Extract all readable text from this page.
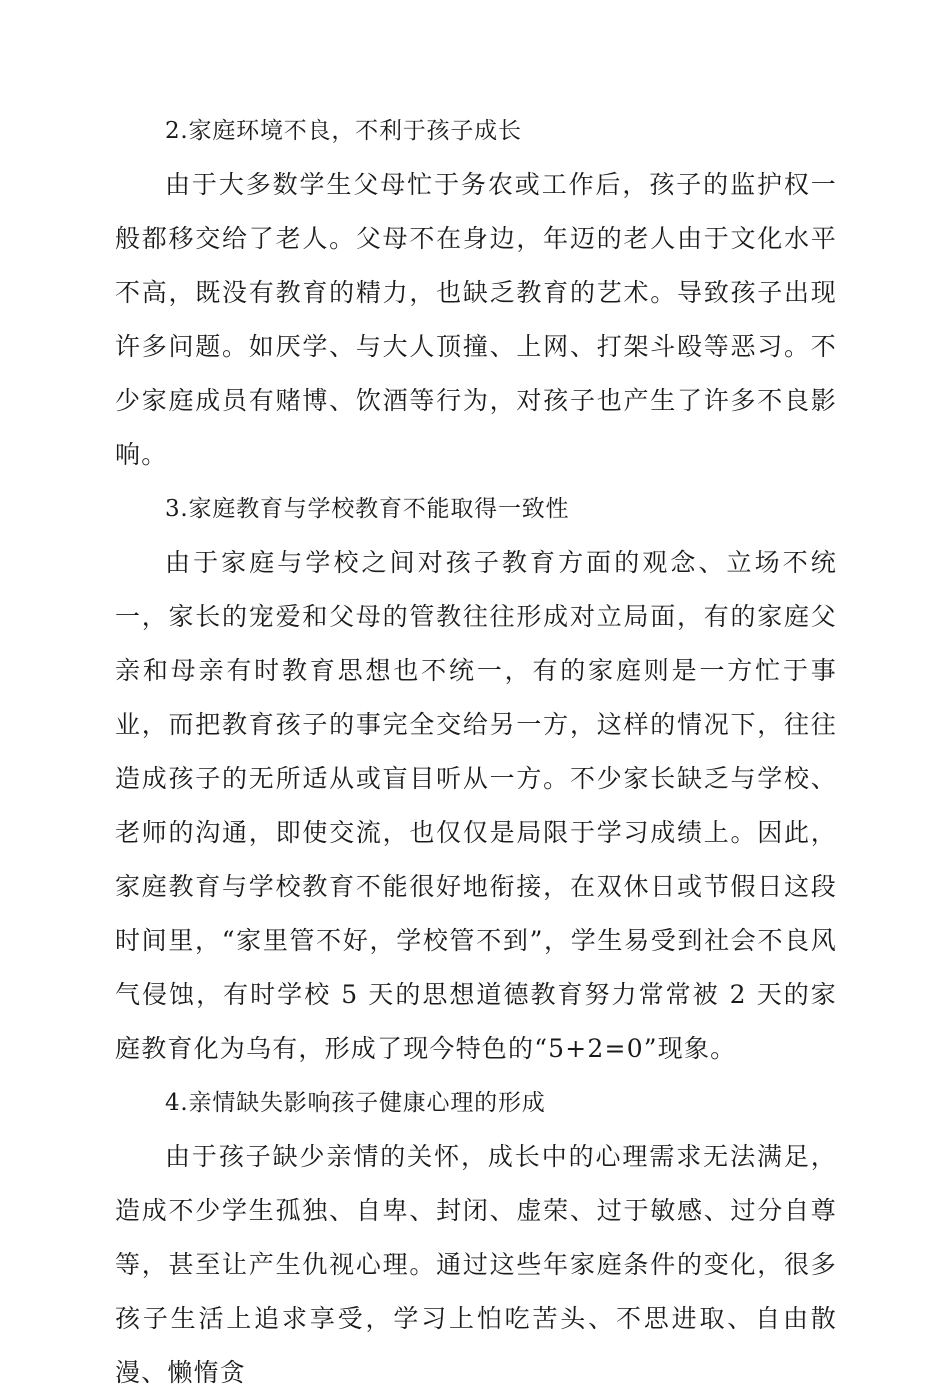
2.家庭环境不良，不利于孩子成长

由于大多数学生父母忙于务农或工作后，孩子的监护权一般都移交给了老人。父母不在身边，年迈的老人由于文化水平不高，既没有教育的精力，也缺乏教育的艺术。导致孩子出现许多问题。如厌学、与大人顶撞、上网、打架斗殴等恶习。不少家庭成员有赌博、饮酒等行为，对孩子也产生了许多不良影响。

3.家庭教育与学校教育不能取得一致性

由于家庭与学校之间对孩子教育方面的观念、立场不统一，家长的宠爱和父母的管教往往形成对立局面，有的家庭父亲和母亲有时教育思想也不统一，有的家庭则是一方忙于事业，而把教育孩子的事完全交给另一方，这样的情况下，往往造成孩子的无所适从或盲目听从一方。不少家长缺乏与学校、老师的沟通，即使交流，也仅仅是局限于学习成绩上。因此，家庭教育与学校教育不能很好地衔接，在双休日或节假日这段时间里，“家里管不好，学校管不到”，学生易受到社会不良风气侵蚀，有时学校 5 天的思想道德教育努力常常被 2 天的家庭教育化为乌有，形成了现今特色的“5+2=0”现象。

4.亲情缺失影响孩子健康心理的形成

由于孩子缺少亲情的关怀，成长中的心理需求无法满足，造成不少学生孤独、自卑、封闭、虚荣、过于敏感、过分自尊等，甚至让产生仇视心理。通过这些年家庭条件的变化，很多孩子生活上追求享受，学习上怕吃苦头、不思进取、自由散漫、懒惰贪
